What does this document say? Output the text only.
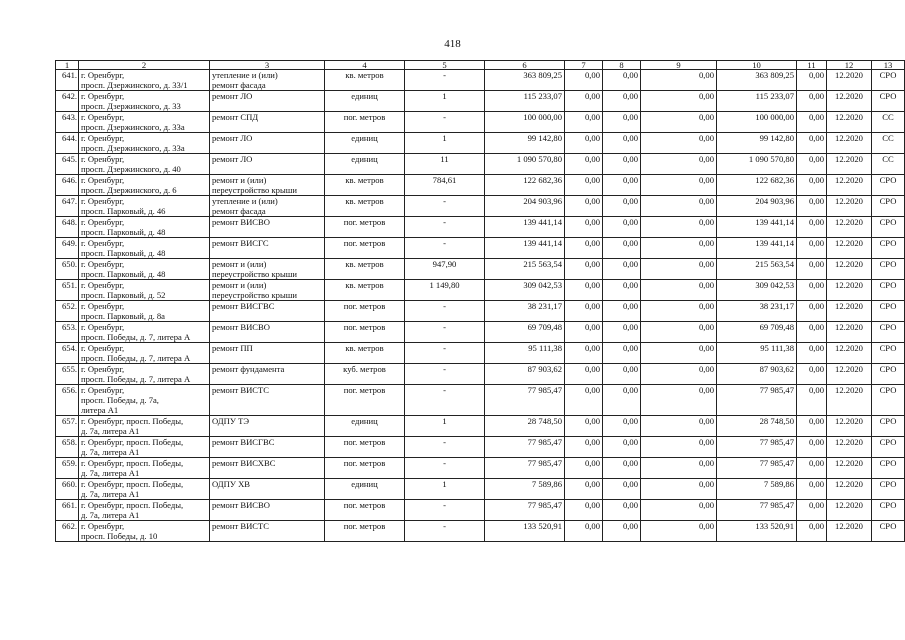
418
1	2	3	4	5	6	7	8	9	10	11	12	13
641.	г. Оренбург,
просп. Дзержинского, д. 33/1	утепление и (или)
ремонт фасада	кв. метров	-	363 809,25	0,00	0,00	0,00	363 809,25	0,00	12.2020	СРО
642.	г. Оренбург,
просп. Дзержинского, д. 33	ремонт ЛО	единиц	1	115 233,07	0,00	0,00	0,00	115 233,07	0,00	12.2020	СРО
643.	г. Оренбург,
просп. Дзержинского, д. 33а	ремонт СПД	пог. метров	-	100 000,00	0,00	0,00	0,00	100 000,00	0,00	12.2020	СС
644.	г. Оренбург,
просп. Дзержинского, д. 33а	ремонт ЛО	единиц	1	99 142,80	0,00	0,00	0,00	99 142,80	0,00	12.2020	СС
645.	г. Оренбург,
просп. Дзержинского, д. 40	ремонт ЛО	единиц	11	1 090 570,80	0,00	0,00	0,00	1 090 570,80	0,00	12.2020	СС
646.	г. Оренбург,
просп. Дзержинского, д. 6	ремонт и (или)
переустройство крыши	кв. метров	784,61	122 682,36	0,00	0,00	0,00	122 682,36	0,00	12.2020	СРО
647.	г. Оренбург,
просп. Парковый, д. 46	утепление и (или)
ремонт фасада	кв. метров	-	204 903,96	0,00	0,00	0,00	204 903,96	0,00	12.2020	СРО
648.	г. Оренбург,
просп. Парковый, д. 48	ремонт ВИСВО	пог. метров	-	139 441,14	0,00	0,00	0,00	139 441,14	0,00	12.2020	СРО
649.	г. Оренбург,
просп. Парковый, д. 48	ремонт ВИСГС	пог. метров	-	139 441,14	0,00	0,00	0,00	139 441,14	0,00	12.2020	СРО
650.	г. Оренбург,
просп. Парковый, д. 48	ремонт и (или)
переустройство крыши	кв. метров	947,90	215 563,54	0,00	0,00	0,00	215 563,54	0,00	12.2020	СРО
651.	г. Оренбург,
просп. Парковый, д. 52	ремонт и (или)
переустройство крыши	кв. метров	1 149,80	309 042,53	0,00	0,00	0,00	309 042,53	0,00	12.2020	СРО
652.	г. Оренбург,
просп. Парковый, д. 8а	ремонт ВИСГВС	пог. метров	-	38 231,17	0,00	0,00	0,00	38 231,17	0,00	12.2020	СРО
653.	г. Оренбург,
просп. Победы, д. 7, литера А	ремонт ВИСВО	пог. метров	-	69 709,48	0,00	0,00	0,00	69 709,48	0,00	12.2020	СРО
654.	г. Оренбург,
просп. Победы, д. 7, литера А	ремонт ПП	кв. метров	-	95 111,38	0,00	0,00	0,00	95 111,38	0,00	12.2020	СРО
655.	г. Оренбург,
просп. Победы, д. 7, литера А	ремонт фундамента	куб. метров	-	87 903,62	0,00	0,00	0,00	87 903,62	0,00	12.2020	СРО
656.	г. Оренбург,
просп. Победы, д. 7а,
литера А1	ремонт ВИСТС	пог. метров	-	77 985,47	0,00	0,00	0,00	77 985,47	0,00	12.2020	СРО
657.	г. Оренбург, просп. Победы,
д. 7а, литера А1	ОДПУ ТЭ	единиц	1	28 748,50	0,00	0,00	0,00	28 748,50	0,00	12.2020	СРО
658.	г. Оренбург, просп. Победы,
д. 7а, литера А1	ремонт ВИСГВС	пог. метров	-	77 985,47	0,00	0,00	0,00	77 985,47	0,00	12.2020	СРО
659.	г. Оренбург, просп. Победы,
д. 7а, литера А1	ремонт ВИСХВС	пог. метров	-	77 985,47	0,00	0,00	0,00	77 985,47	0,00	12.2020	СРО
660.	г. Оренбург, просп. Победы,
д. 7а, литера А1	ОДПУ ХВ	единиц	1	7 589,86	0,00	0,00	0,00	7 589,86	0,00	12.2020	СРО
661.	г. Оренбург, просп. Победы,
д. 7а, литера А1	ремонт ВИСВО	пог. метров	-	77 985,47	0,00	0,00	0,00	77 985,47	0,00	12.2020	СРО
662.	г. Оренбург,
просп. Победы, д. 10	ремонт ВИСТС	пог. метров	-	133 520,91	0,00	0,00	0,00	133 520,91	0,00	12.2020	СРО
